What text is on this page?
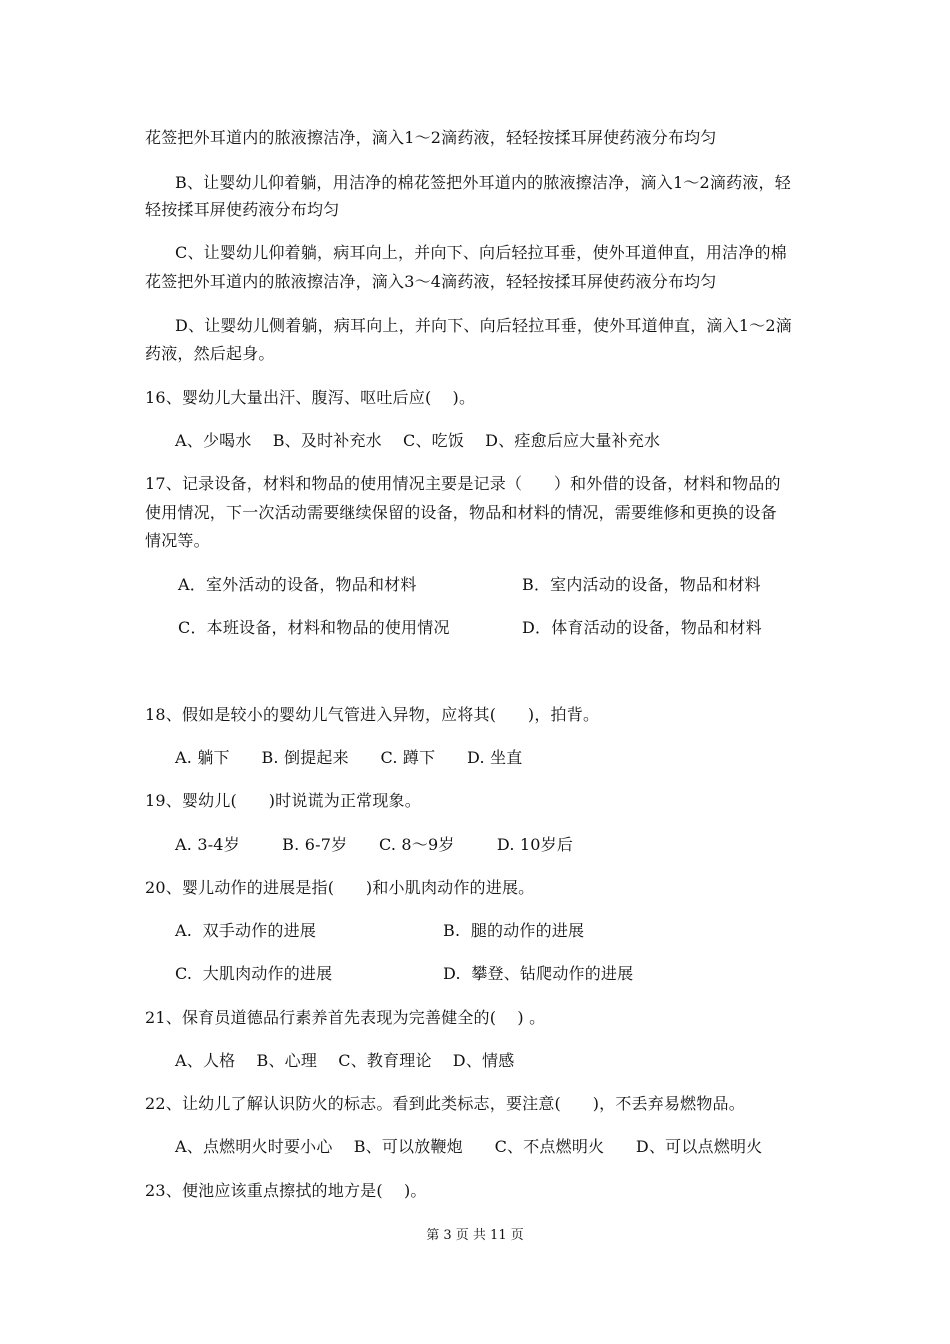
花签把外耳道内的脓液擦洁净，滴入1～2滴药液，轻轻按揉耳屏使药液分布均匀
B、让婴幼儿仰着躺，用洁净的棉花签把外耳道内的脓液擦洁净，滴入1～2滴药液，轻
轻按揉耳屏使药液分布均匀
C、让婴幼儿仰着躺，病耳向上，并向下、向后轻拉耳垂，使外耳道伸直，用洁净的棉
花签把外耳道内的脓液擦洁净，滴入3～4滴药液，轻轻按揉耳屏使药液分布均匀
D、让婴幼儿侧着躺，病耳向上，并向下、向后轻拉耳垂，使外耳道伸直，滴入1～2滴
药液，然后起身。
16、婴幼儿大量出汗、腹泻、呕吐后应(    )。
A、少喝水    B、及时补充水    C、吃饭    D、痊愈后应大量补充水
17、记录设备，材料和物品的使用情况主要是记录（      ）和外借的设备，材料和物品的
使用情况，下一次活动需要继续保留的设备，物品和材料的情况，需要维修和更换的设备
情况等。
A．室外活动的设备，物品和材料	B．室内活动的设备，物品和材料
C．本班设备，材料和物品的使用情况	D．体育活动的设备，物品和材料
18、假如是较小的婴幼儿气管进入异物，应将其(      )，拍背。
A. 躺下      B. 倒提起来      C. 蹲下      D. 坐直
19、婴幼儿(      )时说谎为正常现象。
A. 3-4岁        B. 6-7岁      C. 8～9岁        D. 10岁后
20、婴儿动作的进展是指(      )和小肌肉动作的进展。
A.  双手动作的进展	B.  腿的动作的进展
C.  大肌肉动作的进展	D.  攀登、钻爬动作的进展
21、保育员道德品行素养首先表现为完善健全的(    ) 。
A、人格    B、心理    C、教育理论    D、情感
22、让幼儿了解认识防火的标志。看到此类标志，要注意(      )，不丢弃易燃物品。
A、点燃明火时要小心    B、可以放鞭炮      C、不点燃明火      D、可以点燃明火
23、便池应该重点擦拭的地方是(    )。
第 3 页 共 11 页
